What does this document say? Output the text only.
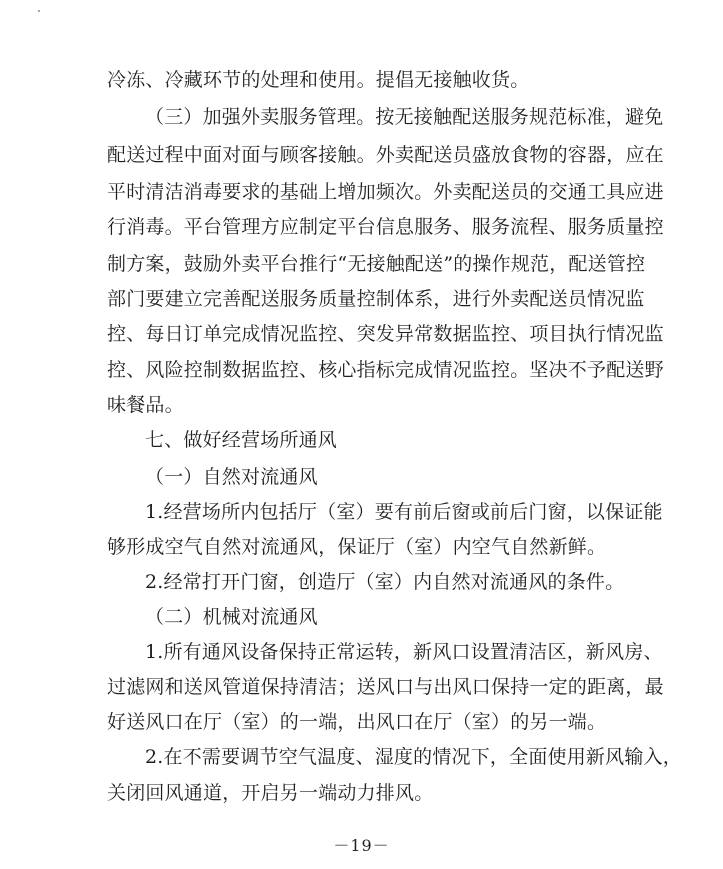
冷冻、冷藏环节的处理和使用。提倡无接触收货。
（三）加强外卖服务管理。按无接触配送服务规范标准，避免
配送过程中面对面与顾客接触。外卖配送员盛放食物的容器，应在
平时清洁消毒要求的基础上增加频次。外卖配送员的交通工具应进
行消毒。平台管理方应制定平台信息服务、服务流程、服务质量控
制方案，鼓励外卖平台推行“无接触配送”的操作规范，配送管控
部门要建立完善配送服务质量控制体系，进行外卖配送员情况监
控、每日订单完成情况监控、突发异常数据监控、项目执行情况监
控、风险控制数据监控、核心指标完成情况监控。坚决不予配送野
味餐品。
七、做好经营场所通风
（一）自然对流通风
1.经营场所内包括厅（室）要有前后窗或前后门窗，以保证能
够形成空气自然对流通风，保证厅（室）内空气自然新鲜。
2.经常打开门窗，创造厅（室）内自然对流通风的条件。
（二）机械对流通风
1.所有通风设备保持正常运转，新风口设置清洁区，新风房、
过滤网和送风管道保持清洁；送风口与出风口保持一定的距离，最
好送风口在厅（室）的一端，出风口在厅（室）的另一端。
2.在不需要调节空气温度、湿度的情况下，全面使用新风输入，
关闭回风通道，开启另一端动力排风。
－19－
